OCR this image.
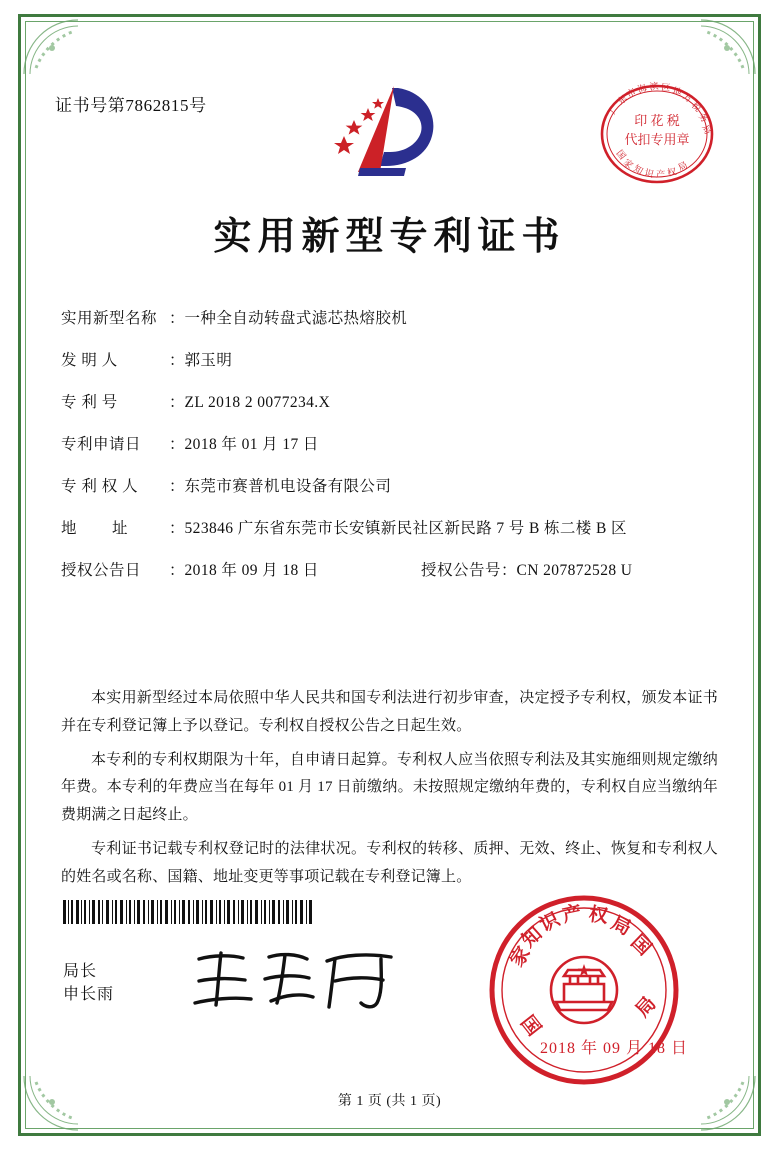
证书号第7862815号
印 花 税
代扣专用章
广
东
市
海 滨 区 地
方
税
务
局
国
家
知
识 产 权 局
实用新型专利证书
实用新型名称 ： 一种全自动转盘式滤芯热熔胶机
发 明 人	： 郭玉明
专 利 号	： ZL 2018 2 0077234.X
专利申请日	： 2018 年 01 月 17 日
专 利 权 人	： 东莞市赛普机电设备有限公司
地        址	： 523846 广东省东莞市长安镇新民社区新民路 7 号 B 栋二楼 B 区
授权公告日	： 2018 年 09 月 18 日	授权公告号 ： CN 207872528 U

本实用新型经过本局依照中华人民共和国专利法进行初步审查，决定授予专利权，颁发本证书并在专利登记簿上予以登记。专利权自授权公告之日起生效。

本专利的专利权期限为十年，自申请日起算。专利权人应当依照专利法及其实施细则规定缴纳年费。本专利的年费应当在每年 01 月 17 日前缴纳。未按照规定缴纳年费的，专利权自应当缴纳年费期满之日起终止。

专利证书记载专利权登记时的法律状况。专利权的转移、质押、无效、终止、恢复和专利权人的姓名或名称、国籍、地址变更等事项记载在专利登记簿上。

局长
申长雨
家
知
识
产 权
局
国
国
局
2018 年 09 月 18 日
第 1 页 (共 1 页)
